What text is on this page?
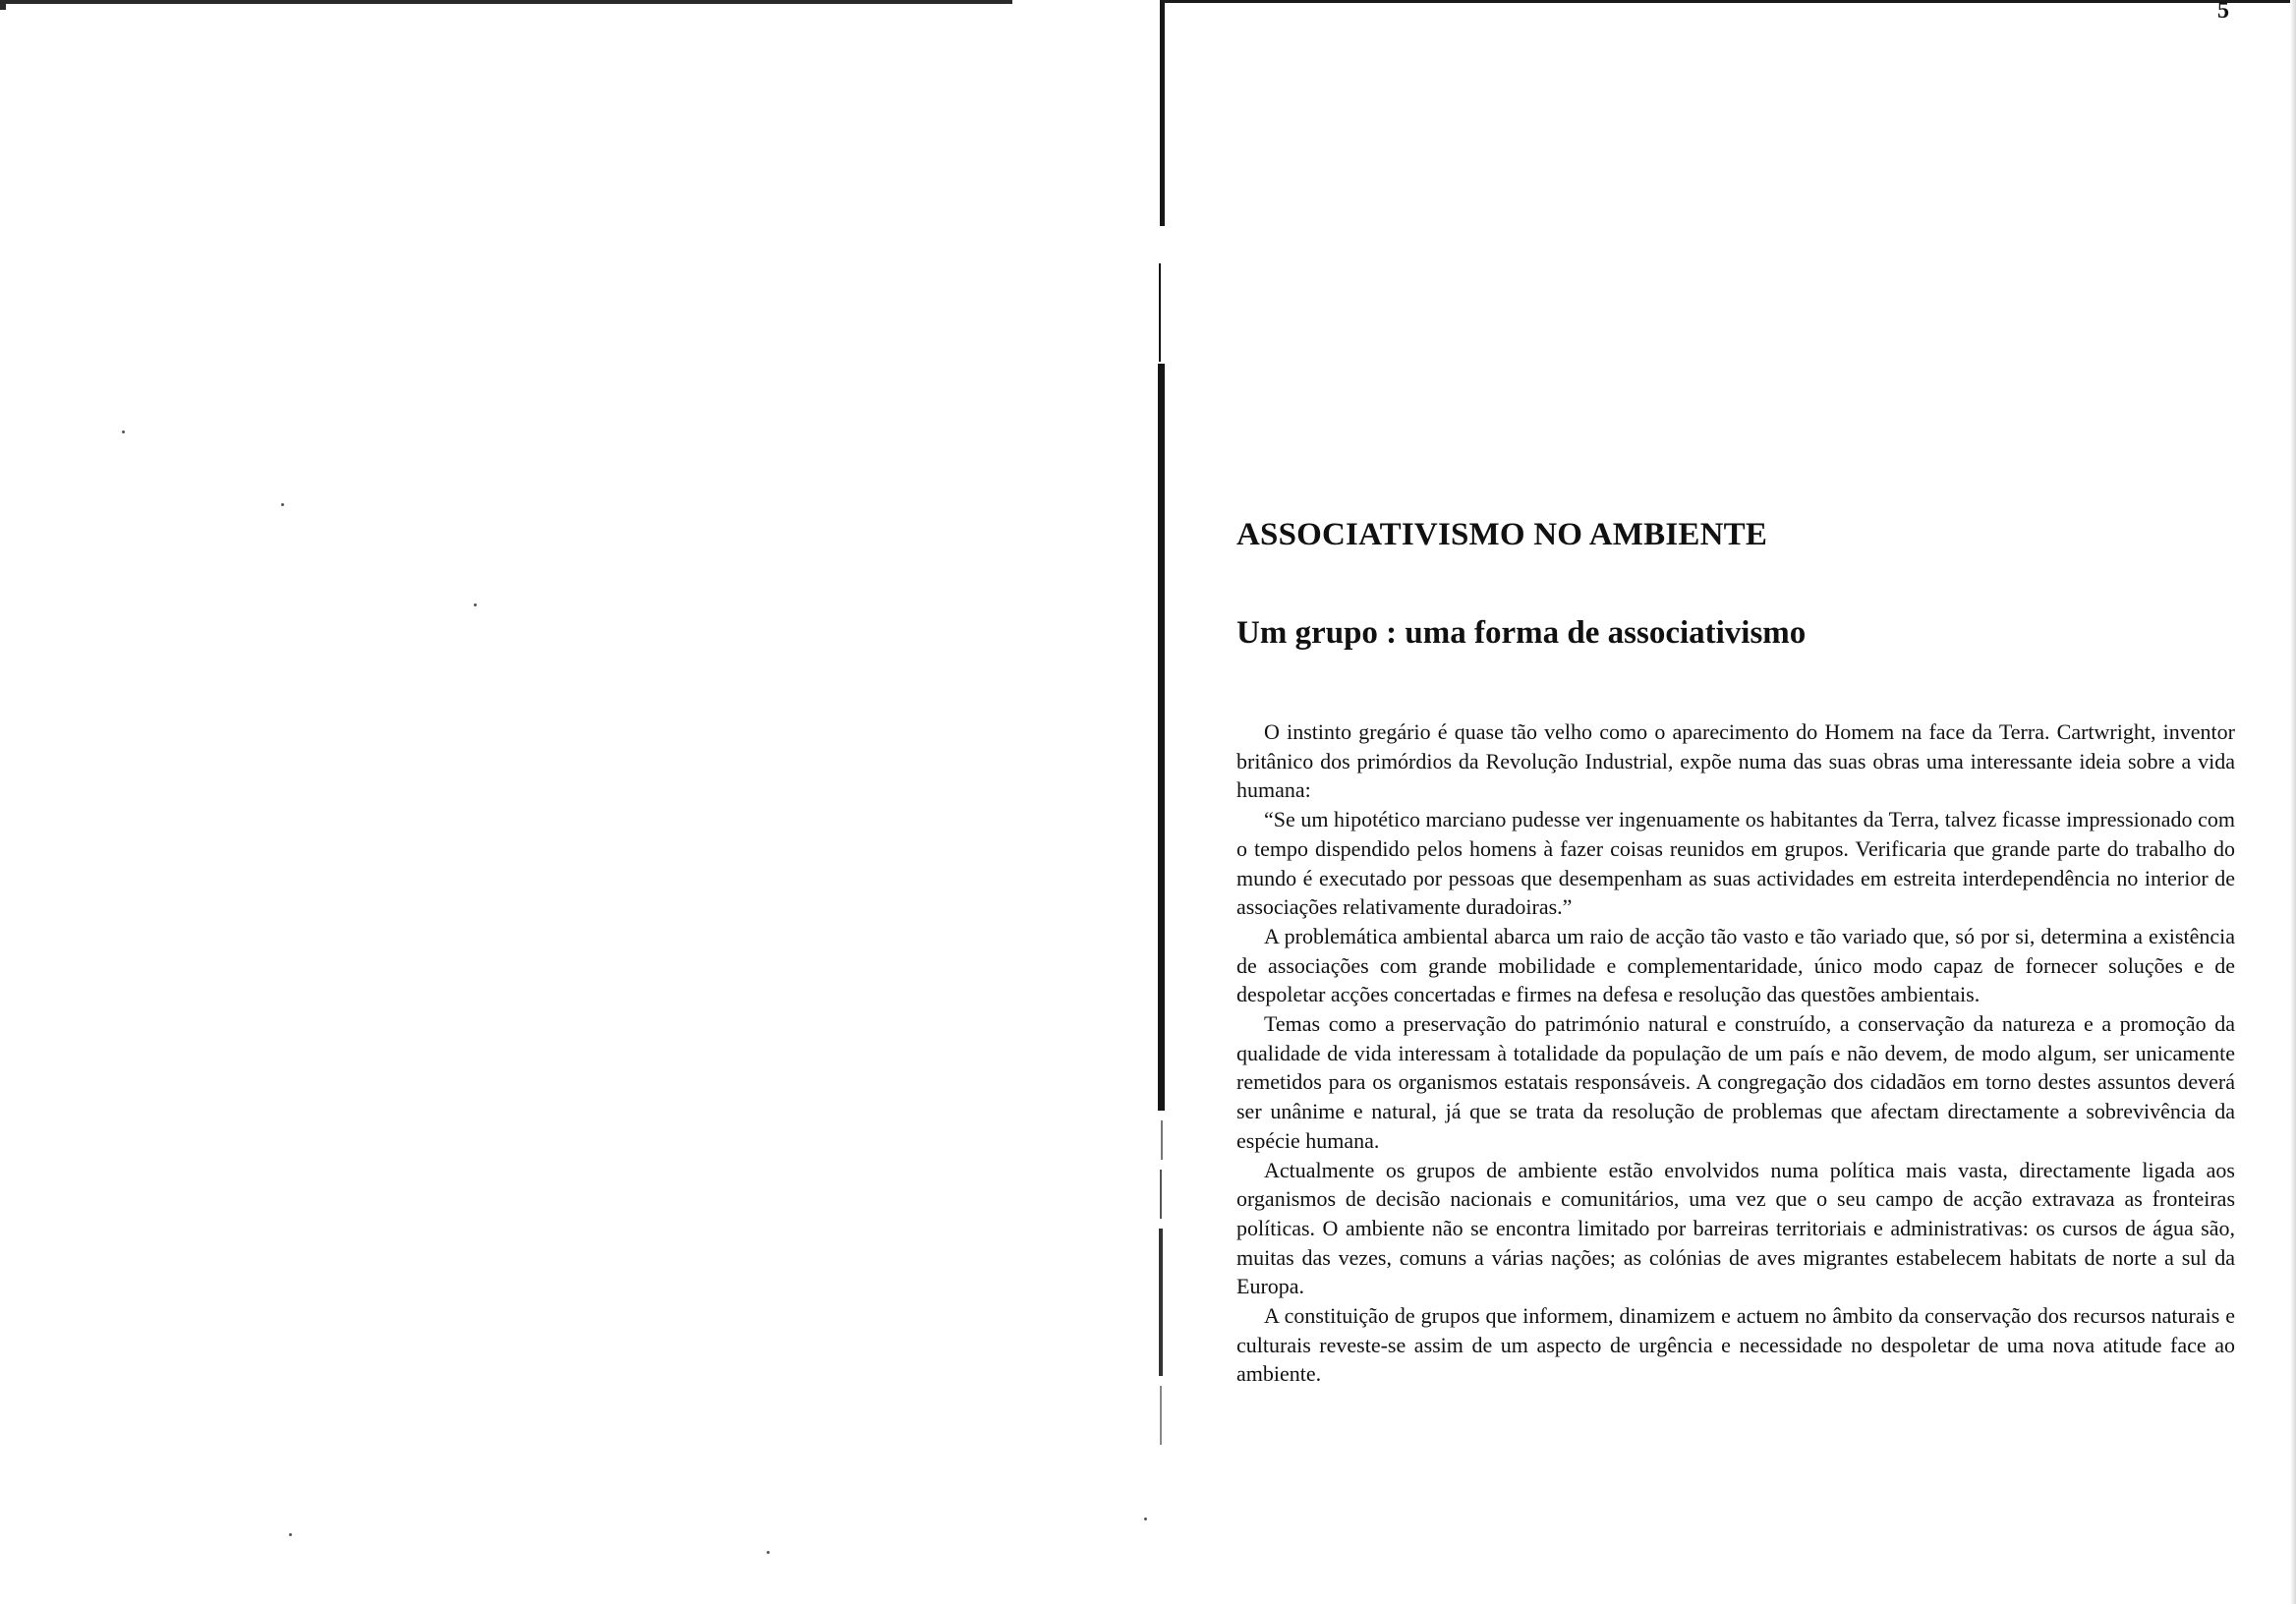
5
ASSOCIATIVISMO NO AMBIENTE
Um grupo : uma forma de associativismo

O instinto gregário é quase tão velho como o aparecimento do Homem na face da Terra. Cartwright, inventor britânico dos primórdios da Revolução Industrial, expõe numa das suas obras uma interessante ideia sobre a vida humana:

“Se um hipotético marciano pudesse ver ingenuamente os habitantes da Terra, talvez ficasse impressionado com o tempo dispendido pelos homens à fazer coisas reunidos em grupos. Verificaria que grande parte do trabalho do mundo é executado por pessoas que desempenham as suas actividades em estreita interdependência no interior de associações relativamente duradoiras.”

A problemática ambiental abarca um raio de acção tão vasto e tão variado que, só por si, determina a existência de associações com grande mobilidade e complementaridade, único modo capaz de fornecer soluções e de despoletar acções concertadas e firmes na defesa e resolução das questões ambientais.

Temas como a preservação do património natural e construído, a conservação da natureza e a promoção da qualidade de vida interessam à totalidade da população de um país e não devem, de modo algum, ser unicamente remetidos para os organismos estatais responsáveis. A congregação dos cidadãos em torno destes assuntos deverá ser unânime e natural, já que se trata da resolução de problemas que afectam directamente a sobrevivência da espécie humana.

Actualmente os grupos de ambiente estão envolvidos numa política mais vasta, directamente ligada aos organismos de decisão nacionais e comunitários, uma vez que o seu campo de acção extravaza as fronteiras políticas. O ambiente não se encontra limitado por barreiras territoriais e administrativas: os cursos de água são, muitas das vezes, comuns a várias nações; as colónias de aves migrantes estabelecem habitats de norte a sul da Europa.

A constituição de grupos que informem, dinamizem e actuem no âmbito da conservação dos recursos naturais e culturais reveste-se assim de um aspecto de urgência e necessidade no despoletar de uma nova atitude face ao ambiente.
